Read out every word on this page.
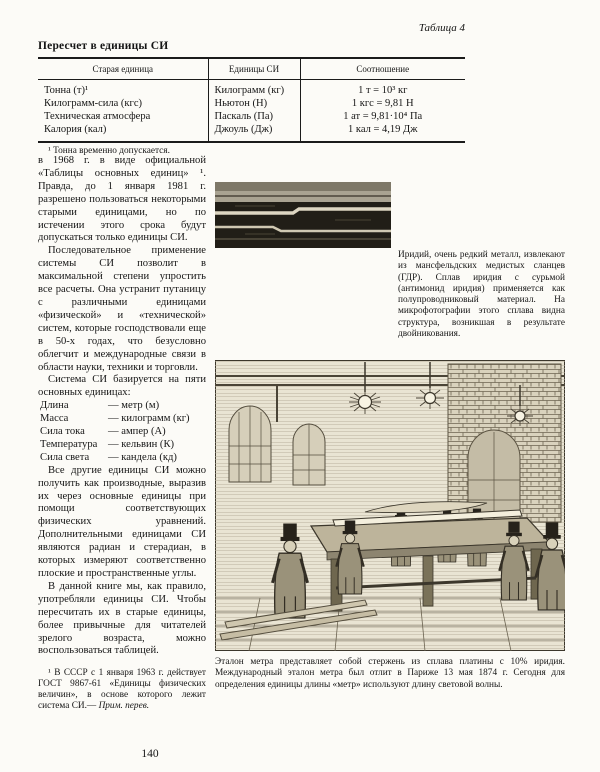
Таблица 4
Пересчет в единицы СИ
Старая единица	Единицы СИ	Соотношение
Тонна (т)¹	Килограмм (кг)	1 т = 10³ кг
Килограмм-сила (кгс)	Ньютон (Н)	1 кгс = 9,81 Н
Техническая атмосфера	Паскаль (Па)	1 ат = 9,81·10⁴ Па
Калория (кал)	Джоуль (Дж)	1 кал = 4,19 Дж
¹ Тонна временно допускается.

в 1968 г. в виде официальной «Таблицы основных единиц» ¹. Правда, до 1 января 1981 г. разрешено пользоваться некоторыми старыми единицами, но по истечении этого срока будут допускаться только единицы СИ.

Последовательное применение системы СИ позволит в максимальной степени упростить все расчеты. Она устранит путаницу с различными единицами «физической» и «технической» систем, которые господствовали еще в 50-х годах, что безусловно облегчит и международные связи в области науки, техники и торговли.

Система СИ базируется на пяти основных единицах:

Длина	— метр (м)
Масса	— килограмм (кг)
Сила тока	— ампер (А)
Температура	— кельвин (К)
Сила света	— кандела (кд)

Все другие единицы СИ можно получить как производные, выразив их через основные единицы при помощи соответствующих физических уравнений. Дополнительными единицами СИ являются радиан и стерадиан, в которых измеряют соответственно плоские и пространственные углы.

В данной книге мы, как правило, употребляли единицы СИ. Чтобы пересчитать их в старые единицы, более привычные для читателей зрелого возраста, можно воспользоваться таблицей.

¹ В СССР с 1 января 1963 г. действует ГОСТ 9867-61 «Единицы физических величин», в основе которого лежит система СИ.— Прим. перев.

Иридий, очень редкий металл, извлекают из мансфельдских медистых сланцев (ГДР). Сплав иридия с сурьмой (антимонид иридия) применяется как полупроводниковый материал. На микрофотографии этого сплава видна структура, возникшая в результате двойникования.
Эталон метра представляет собой стержень из сплава платины с 10% иридия. Международный эталон метра был отлит в Париже 13 мая 1874 г. Сегодня для определения единицы длины «метр» используют длину световой волны.
140
